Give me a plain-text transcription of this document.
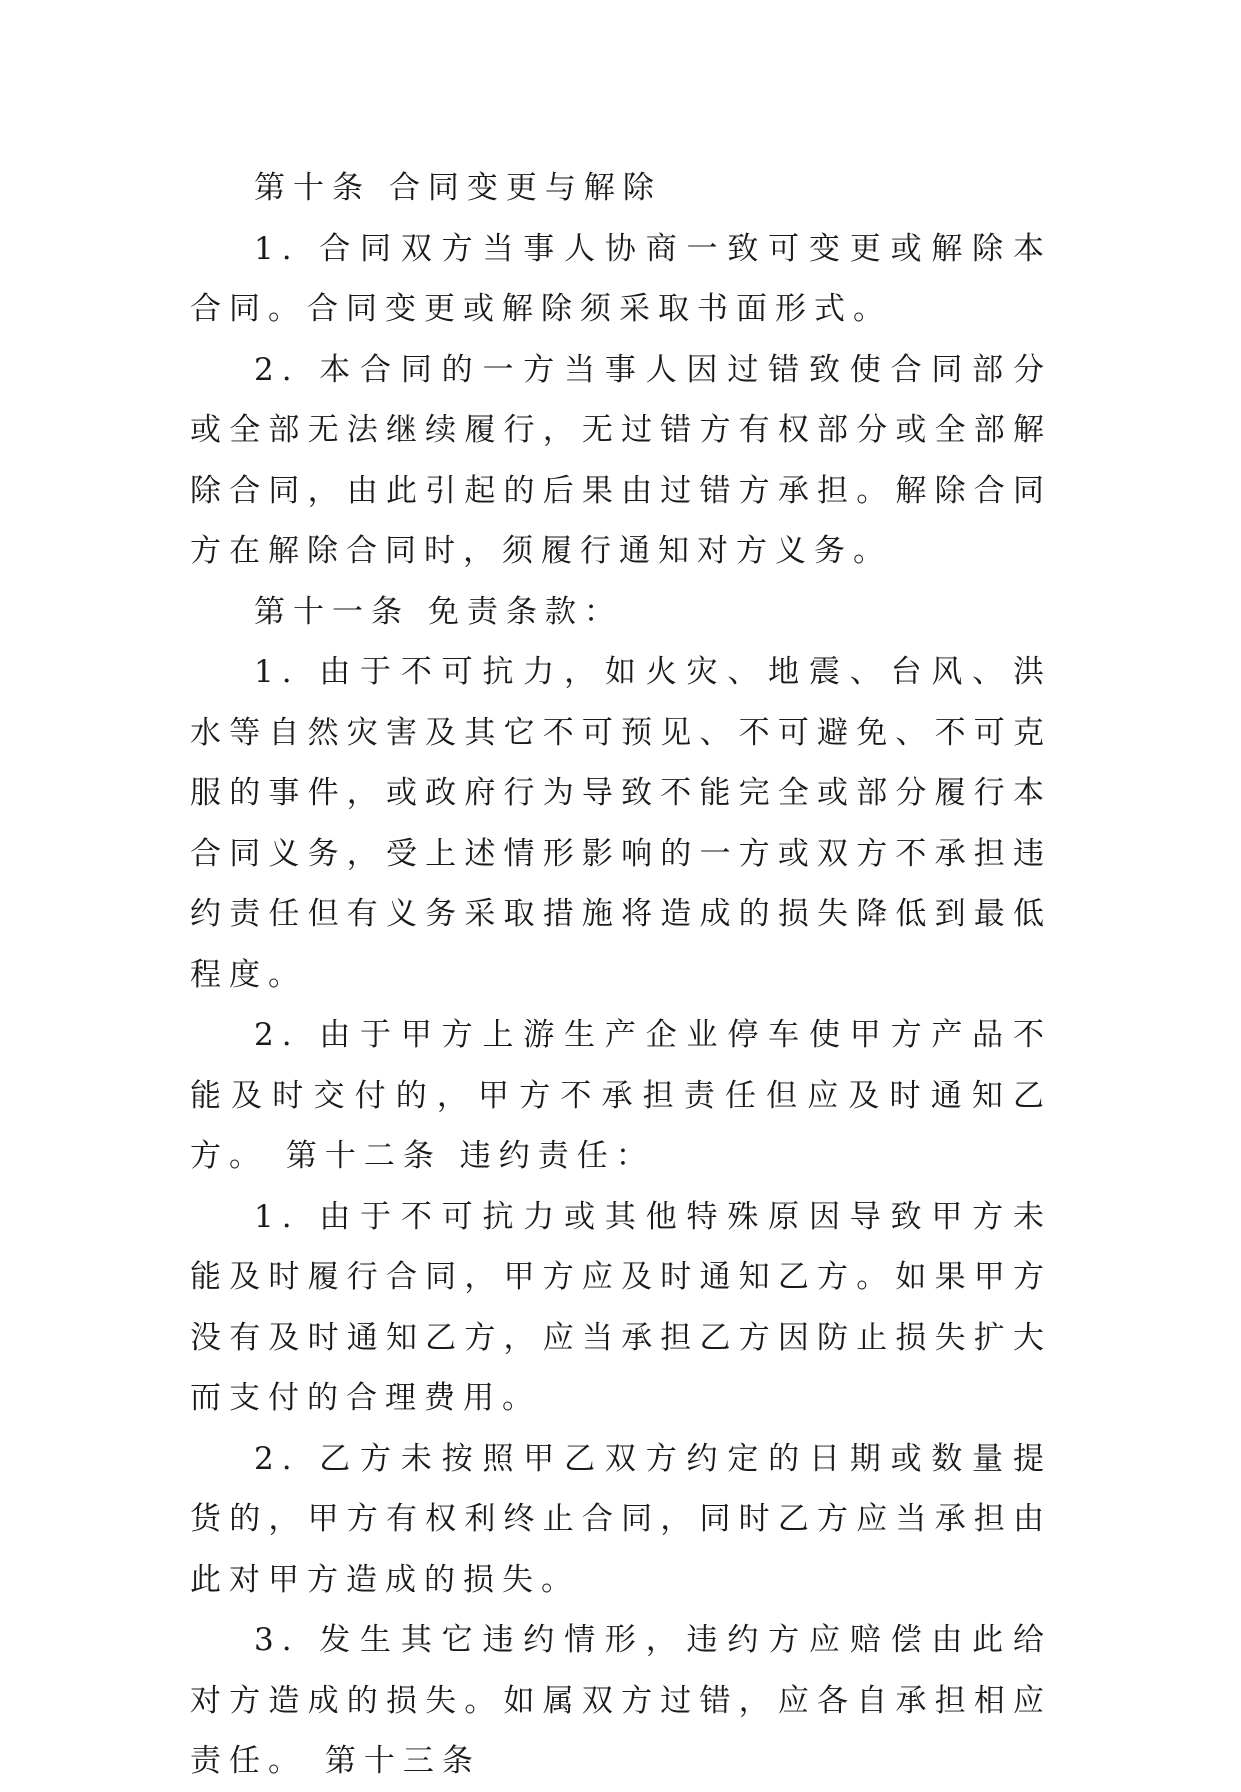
第十条 合同变更与解除

1. 合同双方当事人协商一致可变更或解除本合同。合同变更或解除须采取书面形式。

2. 本合同的一方当事人因过错致使合同部分或全部无法继续履行，无过错方有权部分或全部解除合同，由此引起的后果由过错方承担。解除合同方在解除合同时，须履行通知对方义务。

第十一条 免责条款：

1. 由于不可抗力，如火灾、地震、台风、洪水等自然灾害及其它不可预见、不可避免、不可克服的事件，或政府行为导致不能完全或部分履行本合同义务，受上述情形影响的一方或双方不承担违约责任但有义务采取措施将造成的损失降低到最低程度。

2. 由于甲方上游生产企业停车使甲方产品不能及时交付的，甲方不承担责任但应及时通知乙方。 第十二条 违约责任：

1. 由于不可抗力或其他特殊原因导致甲方未能及时履行合同，甲方应及时通知乙方。如果甲方没有及时通知乙方，应当承担乙方因防止损失扩大而支付的合理费用。

2. 乙方未按照甲乙双方约定的日期或数量提货的，甲方有权利终止合同，同时乙方应当承担由此对甲方造成的损失。

3. 发生其它违约情形，违约方应赔偿由此给对方造成的损失。如属双方过错，应各自承担相应责任。 第十三条
